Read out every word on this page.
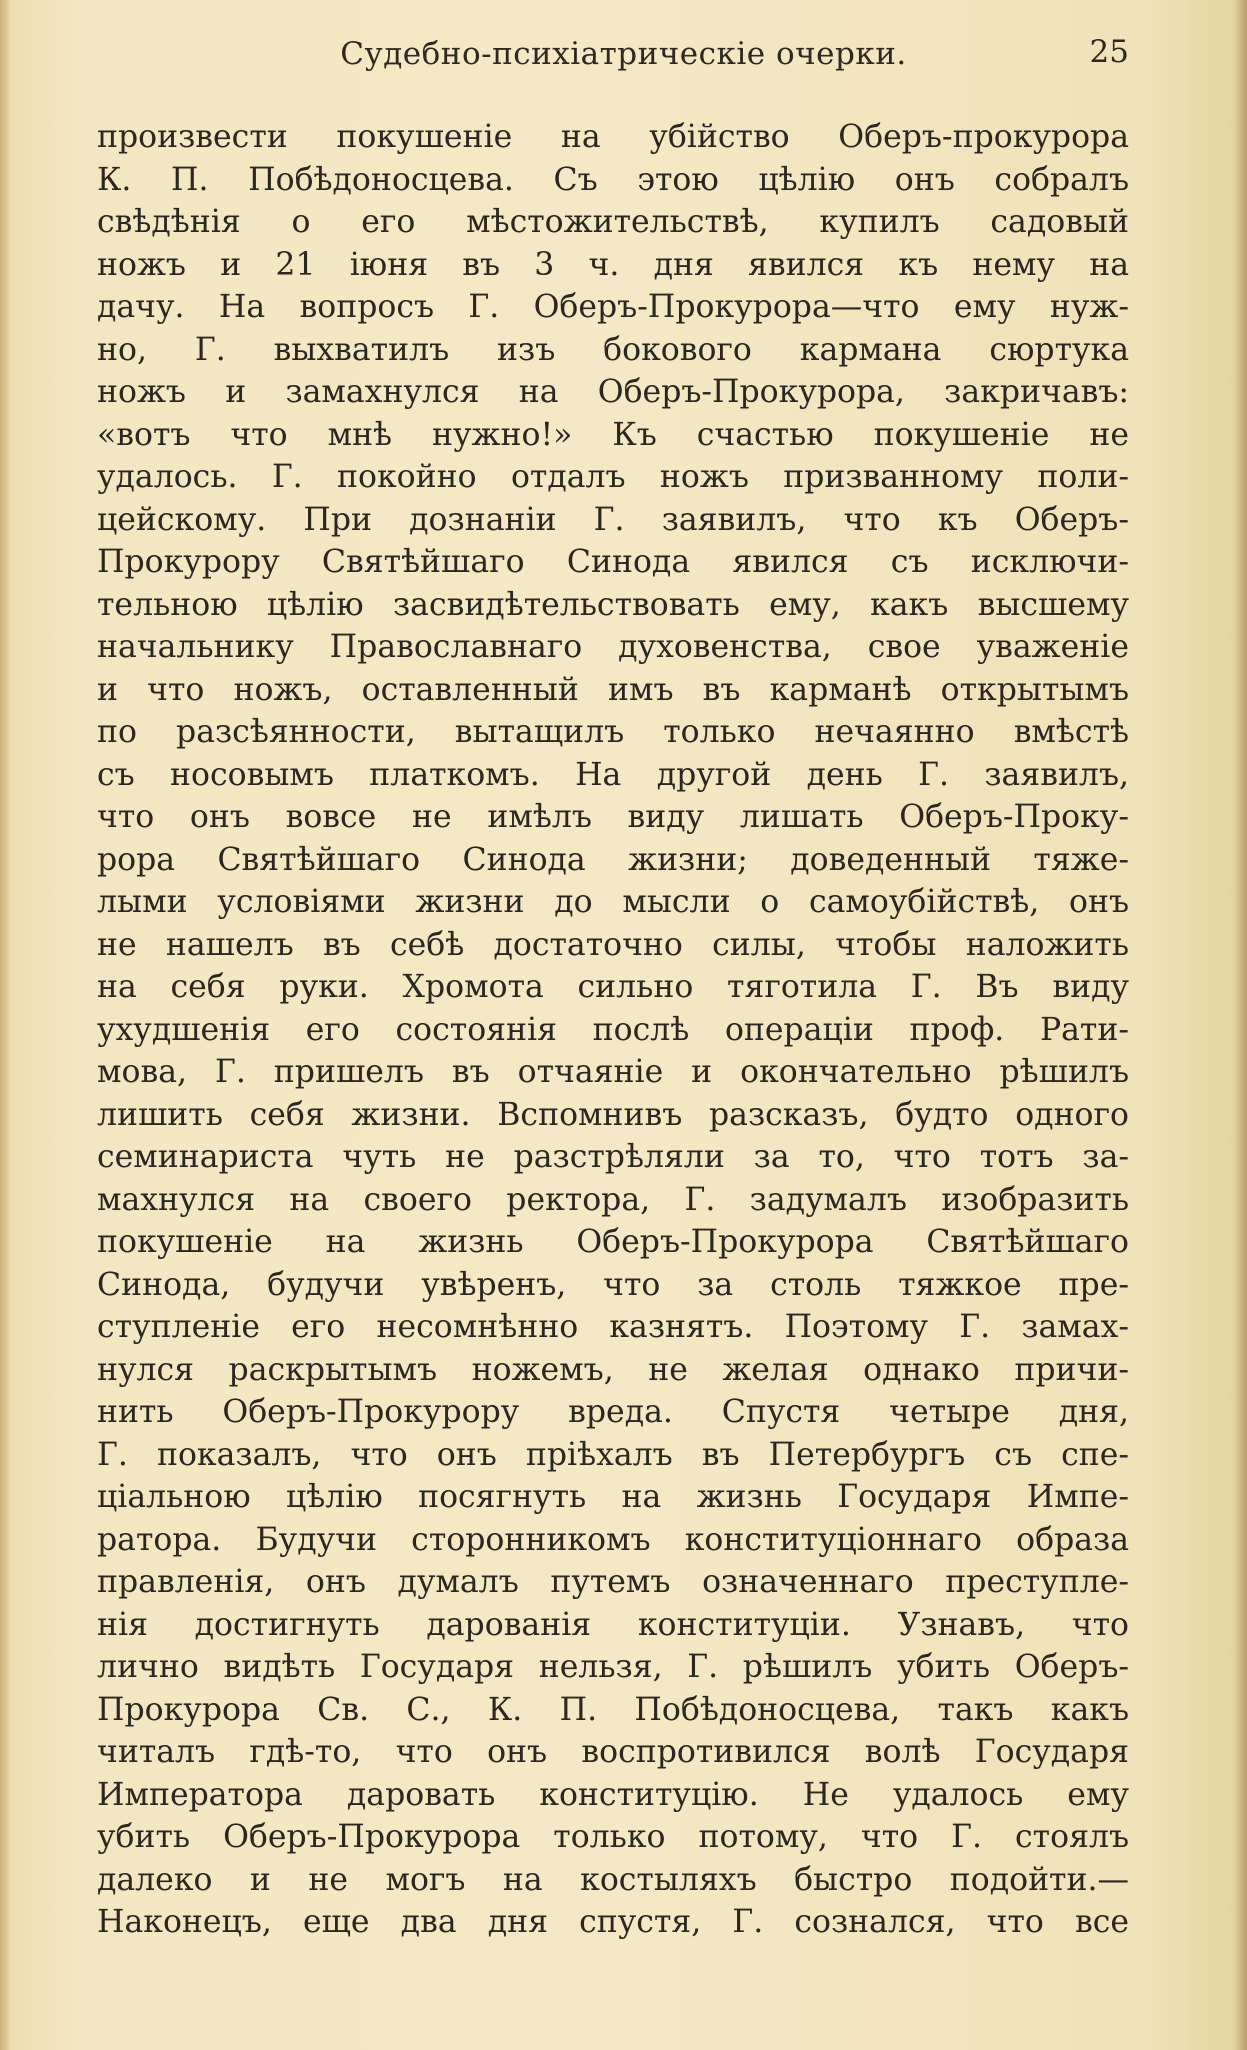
Судебно-психіатрическіе очерки.	25
произвести покушеніе на убійство Оберъ-прокурора
К. П. Побѣдоносцева. Съ этою цѣлію онъ собралъ
свѣдѣнія о его мѣстожительствѣ, купилъ садовый
ножъ и 21 іюня въ 3 ч. дня явился къ нему на
дачу. На вопросъ Г. Оберъ-Прокурора—что ему нуж-
но, Г. выхватилъ изъ бокового кармана сюртука
ножъ и замахнулся на Оберъ-Прокурора, закричавъ:
«вотъ что мнѣ нужно!» Къ счастью покушеніе не
удалось. Г. покойно отдалъ ножъ призванному поли-
цейскому. При дознаніи Г. заявилъ, что къ Оберъ-
Прокурору Святѣйшаго Синода явился съ исключи-
тельною цѣлію засвидѣтельствовать ему, какъ высшему
начальнику Православнаго духовенства, свое уваженіе
и что ножъ, оставленный имъ въ карманѣ открытымъ
по разсѣянности, вытащилъ только нечаянно вмѣстѣ
съ носовымъ платкомъ. На другой день Г. заявилъ,
что онъ вовсе не имѣлъ виду лишать Оберъ-Проку-
рора Святѣйшаго Синода жизни; доведенный тяже-
лыми условіями жизни до мысли о самоубійствѣ, онъ
не нашелъ въ себѣ достаточно силы, чтобы наложить
на себя руки. Хромота сильно тяготила Г. Въ виду
ухудшенія его состоянія послѣ операціи проф. Рати-
мова, Г. пришелъ въ отчаяніе и окончательно рѣшилъ
лишить себя жизни. Вспомнивъ разсказъ, будто одного
семинариста чуть не разстрѣляли за то, что тотъ за-
махнулся на своего ректора, Г. задумалъ изобразить
покушеніе на жизнь Оберъ-Прокурора Святѣйшаго
Синода, будучи увѣренъ, что за столь тяжкое пре-
ступленіе его несомнѣнно казнятъ. Поэтому Г. замах-
нулся раскрытымъ ножемъ, не желая однако причи-
нить Оберъ-Прокурору вреда. Спустя четыре дня,
Г. показалъ, что онъ пріѣхалъ въ Петербургъ съ спе-
ціальною цѣлію посягнуть на жизнь Государя Импе-
ратора. Будучи сторонникомъ конституціоннаго образа
правленія, онъ думалъ путемъ означеннаго преступле-
нія достигнуть дарованія конституціи. Узнавъ, что
лично видѣть Государя нельзя, Г. рѣшилъ убить Оберъ-
Прокурора Св. С., К. П. Побѣдоносцева, такъ какъ
читалъ гдѣ-то, что онъ воспротивился волѣ Государя
Императора даровать конституцію. Не удалось ему
убить Оберъ-Прокурора только потому, что Г. стоялъ
далеко и не могъ на костыляхъ быстро подойти.—
Наконецъ, еще два дня спустя, Г. сознался, что все
